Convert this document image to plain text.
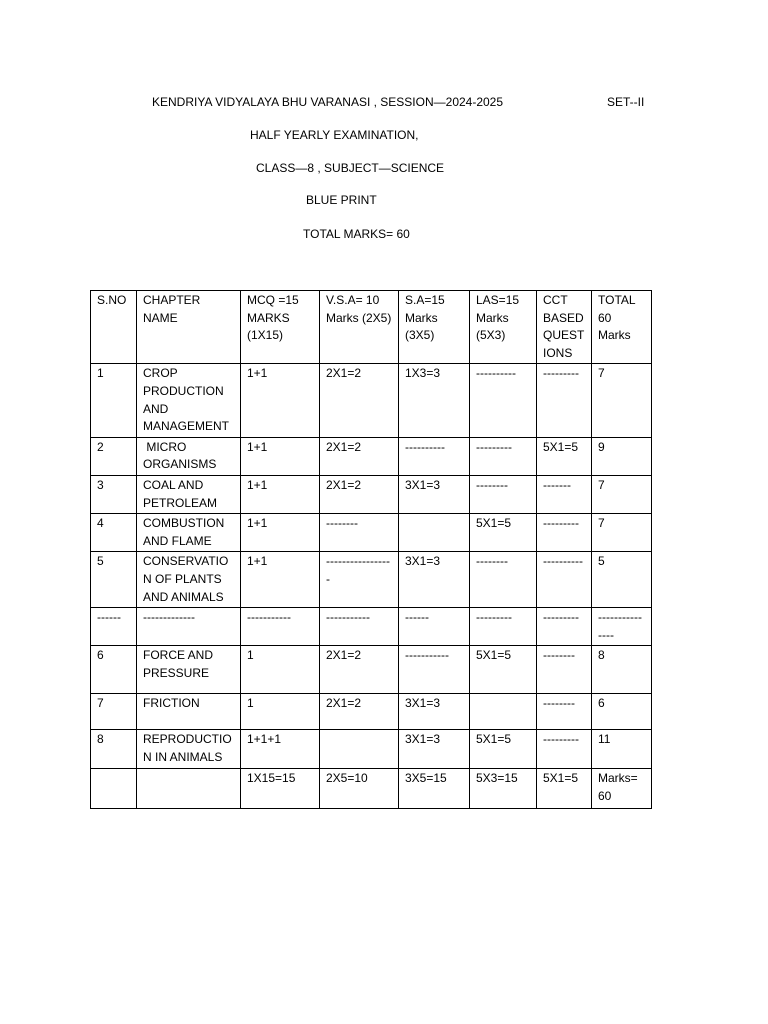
KENDRIYA VIDYALAYA BHU VARANASI , SESSION—2024-2025	SET--II
HALF YEARLY EXAMINATION,
CLASS—8 , SUBJECT—SCIENCE
BLUE PRINT
TOTAL MARKS= 60
S.NO	CHAPTER NAME	MCQ =15 MARKS (1X15)	V.S.A= 10 Marks (2X5)	S.A=15 Marks (3X5)	LAS=15 Marks (5X3)	CCT BASED QUESTIONS	TOTAL 60 Marks
1	CROP PRODUCTION AND MANAGEMENT	1+1	2X1=2	1X3=3	----------	---------	7
2	MICRO ORGANISMS	1+1	2X1=2	----------	---------	5X1=5	9
3	COAL AND PETROLEAM	1+1	2X1=2	3X1=3	--------	-------	7
4	COMBUSTION AND FLAME	1+1	--------		5X1=5	---------	7
5	CONSERVATION OF PLANTS AND ANIMALS	1+1	-----------------	3X1=3	--------	----------	5
------	-------------	-----------	-----------	------	---------	---------	---------------
6	FORCE AND PRESSURE	1	2X1=2	-----------	5X1=5	--------	8
7	FRICTION	1	2X1=2	3X1=3		--------	6
8	REPRODUCTION IN ANIMALS	1+1+1		3X1=3	5X1=5	---------	11
		1X15=15	2X5=10	3X5=15	5X3=15	5X1=5	Marks= 60
